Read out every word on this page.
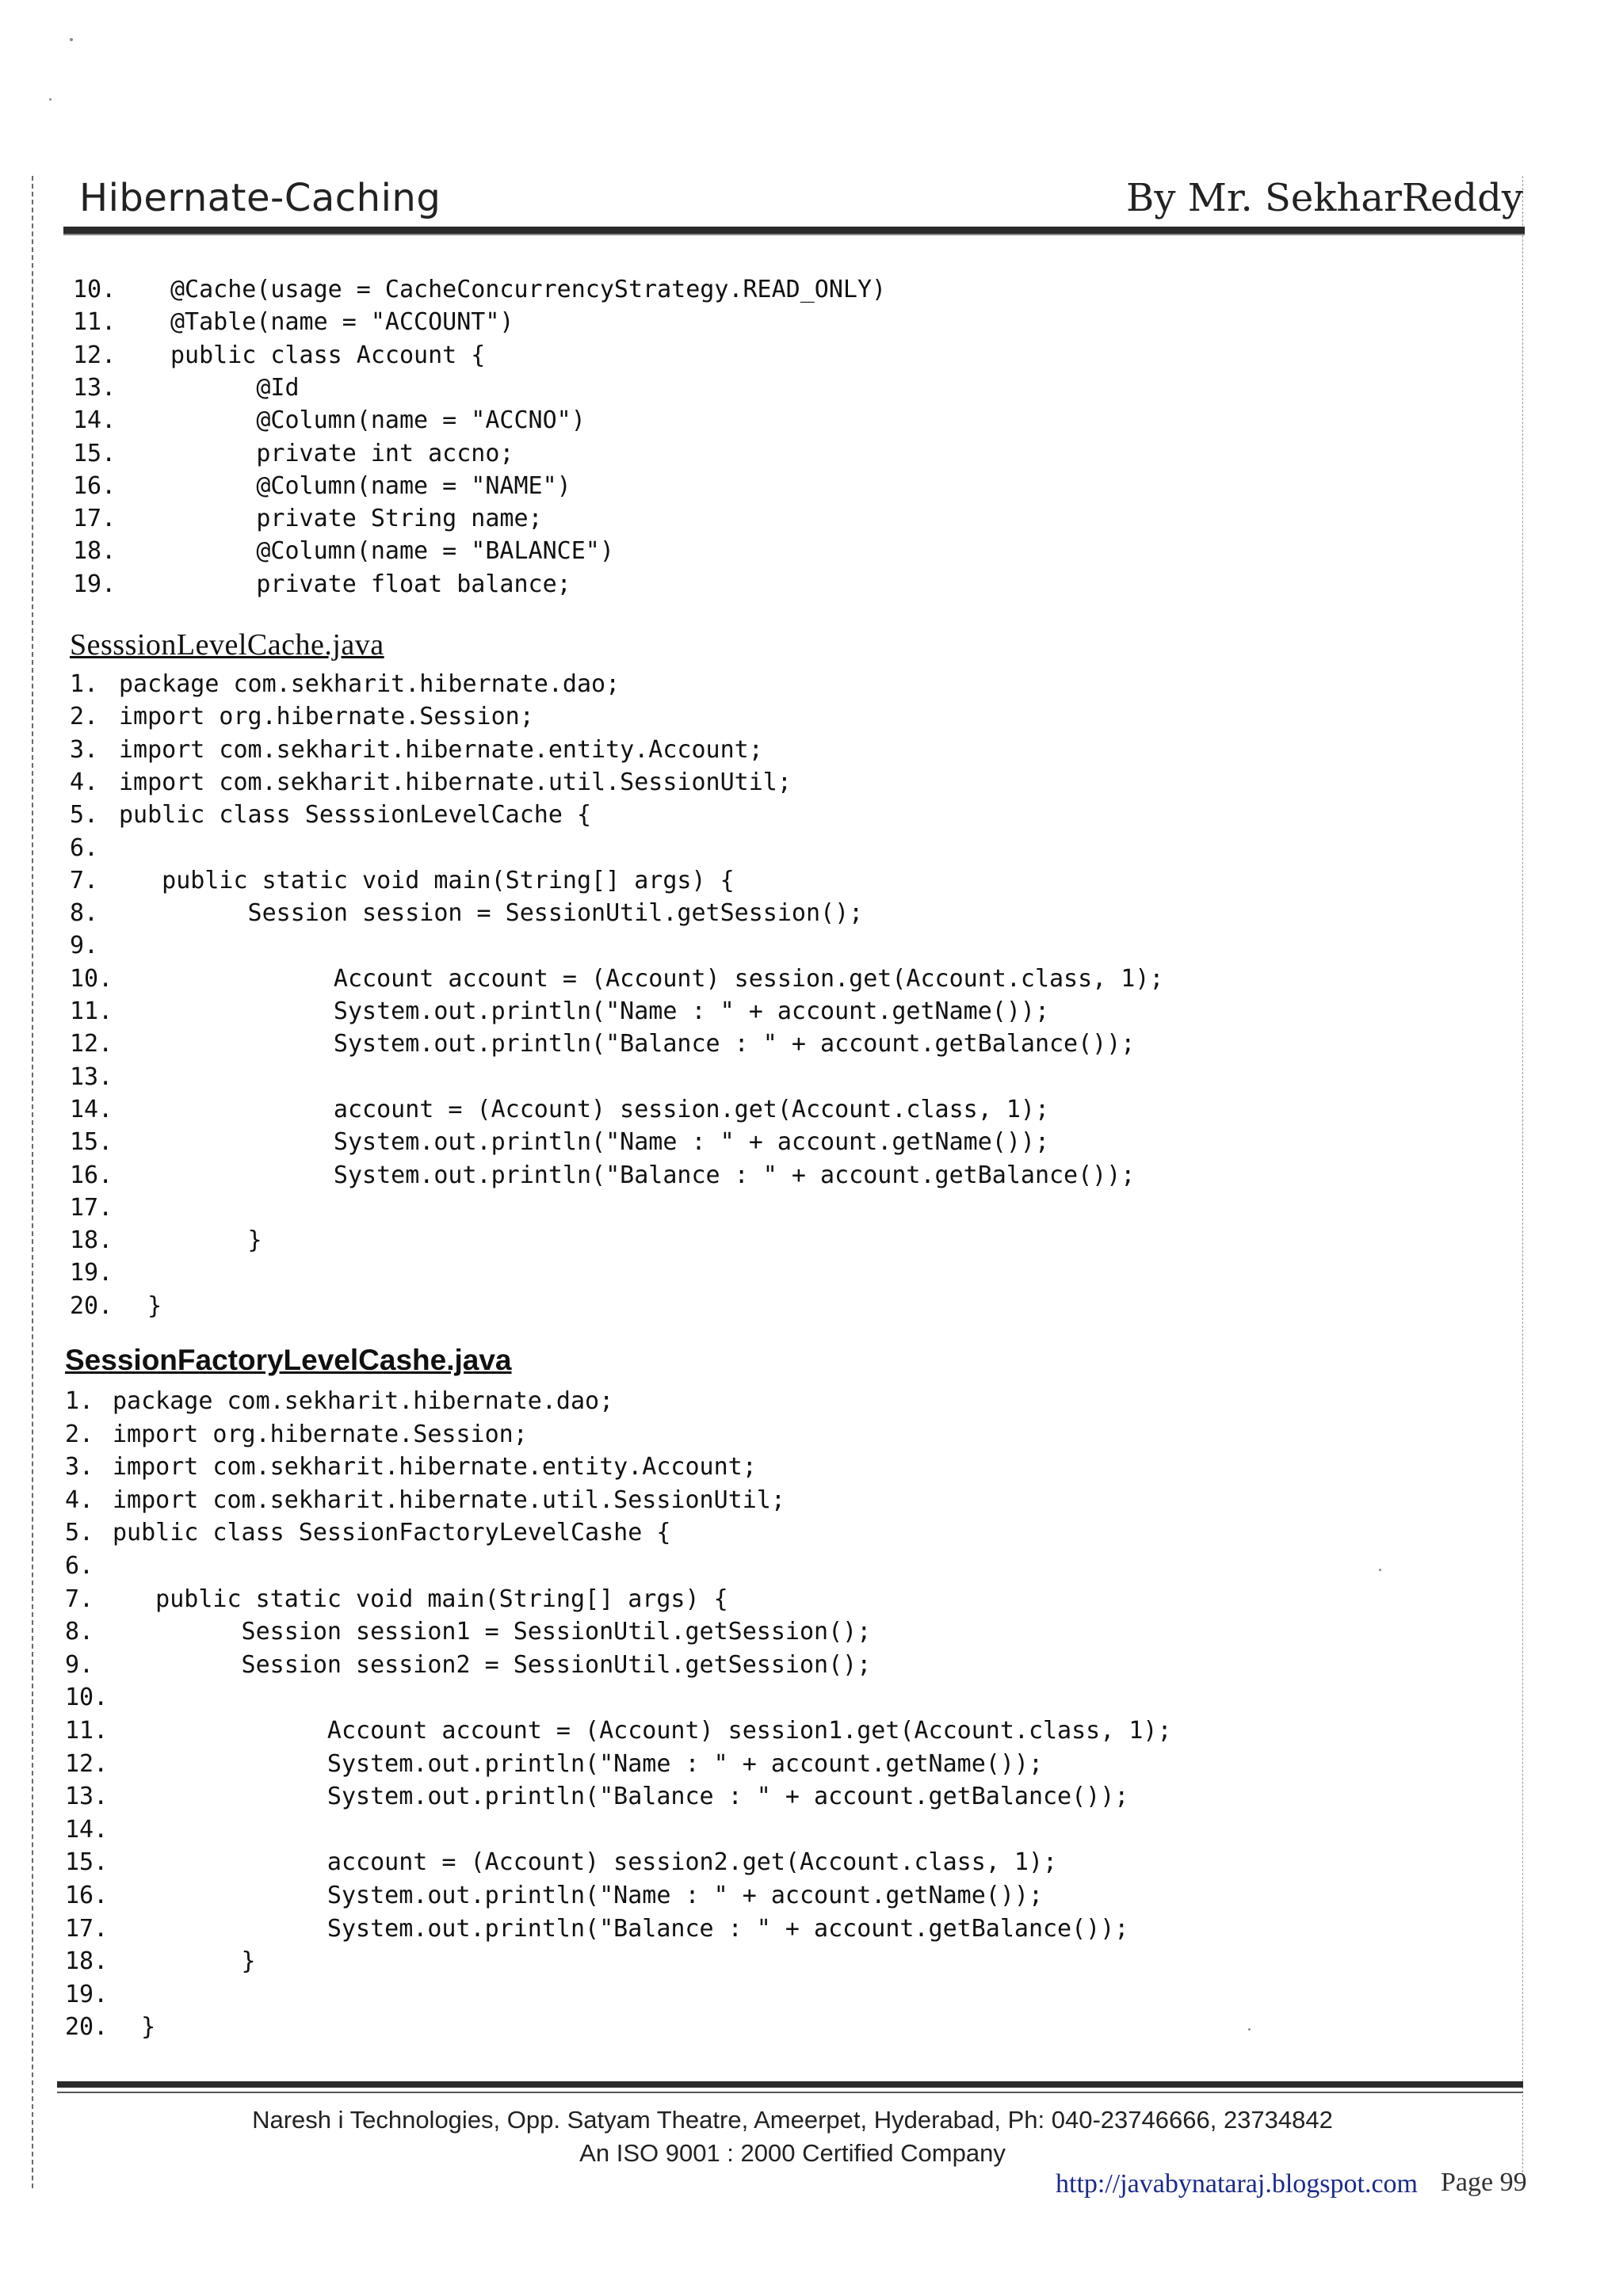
Hibernate-Caching	By Mr. SekharReddy
10. @Cache(usage = CacheConcurrencyStrategy.READ_ONLY)
11. @Table(name = "ACCOUNT")
12. public class Account {
13. @Id
14. @Column(name = "ACCNO")
15. private int accno;
16. @Column(name = "NAME")
17. private String name;
18. @Column(name = "BALANCE")
19. private float balance;
SesssionLevelCache.java
1. package com.sekharit.hibernate.dao;
2. import org.hibernate.Session;
3. import com.sekharit.hibernate.entity.Account;
4. import com.sekharit.hibernate.util.SessionUtil;
5. public class SesssionLevelCache {
6.
7. public static void main(String[] args) {
8. Session session = SessionUtil.getSession();
9.
10. Account account = (Account) session.get(Account.class, 1);
11. System.out.println("Name : " + account.getName());
12. System.out.println("Balance : " + account.getBalance());
13.
14. account = (Account) session.get(Account.class, 1);
15. System.out.println("Name : " + account.getName());
16. System.out.println("Balance : " + account.getBalance());
17.
18. }
19.
20. }
SessionFactoryLevelCashe.java
1. package com.sekharit.hibernate.dao;
2. import org.hibernate.Session;
3. import com.sekharit.hibernate.entity.Account;
4. import com.sekharit.hibernate.util.SessionUtil;
5. public class SessionFactoryLevelCashe {
6.
7. public static void main(String[] args) {
8. Session session1 = SessionUtil.getSession();
9. Session session2 = SessionUtil.getSession();
10.
11. Account account = (Account) session1.get(Account.class, 1);
12. System.out.println("Name : " + account.getName());
13. System.out.println("Balance : " + account.getBalance());
14.
15. account = (Account) session2.get(Account.class, 1);
16. System.out.println("Name : " + account.getName());
17. System.out.println("Balance : " + account.getBalance());
18. }
19.
20. }
Naresh i Technologies, Opp. Satyam Theatre, Ameerpet, Hyderabad, Ph: 040-23746666, 23734842
An ISO 9001 : 2000 Certified Company
http://javabynataraj.blogspot.com Page 99
